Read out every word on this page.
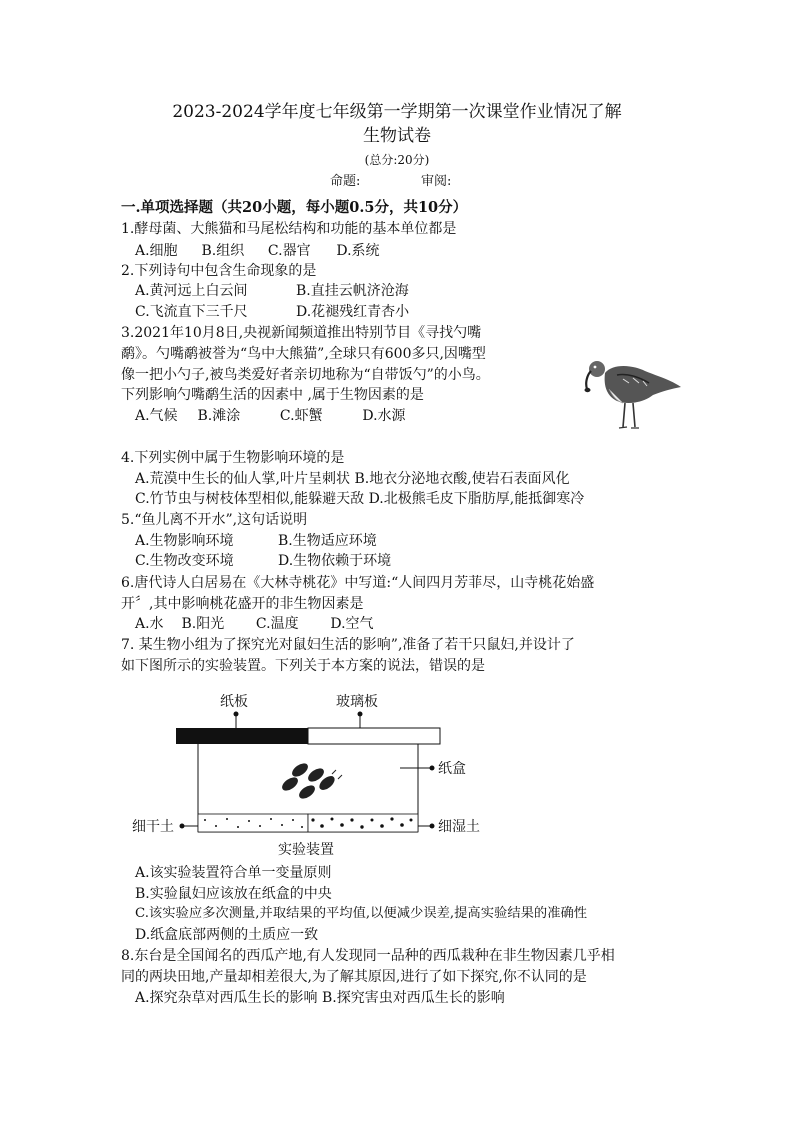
2023-2024学年度七年级第一学期第一次课堂作业情况了解
生物试卷
(总分:20分)
命题:	审阅:
一.单项选择题（共20小题，每小题0.5分，共10分）
1.酵母菌、大熊猫和马尾松结构和功能的基本单位都是
A.细胞 B.组织 C.器官 D.系统
2.下列诗句中包含生命现象的是
A.黄河远上白云间	B.直挂云帆济沧海
C.飞流直下三千尺	D.花褪残红青杏小
3.2021年10月8日,央视新闻频道推出特别节目《寻找勺嘴
鹬》。勺嘴鹬被誉为“鸟中大熊猫”,全球只有600多只,因嘴型
像一把小勺子,被鸟类爱好者亲切地称为“自带饭勺”的小鸟。
下列影响勺嘴鹬生活的因素中 ,属于生物因素的是
A.气候 B.滩涂	C.虾蟹	D.水源
4.下列实例中属于生物影响环境的是
A.荒漠中生长的仙人掌,叶片呈刺状 B.地衣分泌地衣酸,使岩石表面风化
C.竹节虫与树枝体型相似,能躲避天敌 D.北极熊毛皮下脂肪厚,能抵御寒冷
5.“鱼儿离不开水”,这句话说明
A.生物影响环境	B.生物适应环境
C.生物改变环境	D.生物依赖于环境
6.唐代诗人白居易在《大林寺桃花》中写道:“人间四月芳菲尽，山寺桃花始盛
开〞,其中影响桃花盛开的非生物因素是
A.水 B.阳光 C.温度 D.空气
7. 某生物小组为了探究光对鼠妇生活的影响”,准备了若干只鼠妇,并设计了
如下图所示的实验装置。下列关于本方案的说法，错误的是
纸板	玻璃板
纸盒
细干土	细湿土
实验装置
A.该实验装置符合单一变量原则
B.实验鼠妇应该放在纸盒的中央
C.该实验应多次测量,并取结果的平均值,以便减少误差,提高实验结果的准确性
D.纸盒底部两侧的土质应一致
8.东台是全国闻名的西瓜产地,有人发现同一品种的西瓜栽种在非生物因素几乎相
同的两块田地,产量却相差很大,为了解其原因,进行了如下探究,你不认同的是
A.探究杂草对西瓜生长的影响 B.探究害虫对西瓜生长的影响
